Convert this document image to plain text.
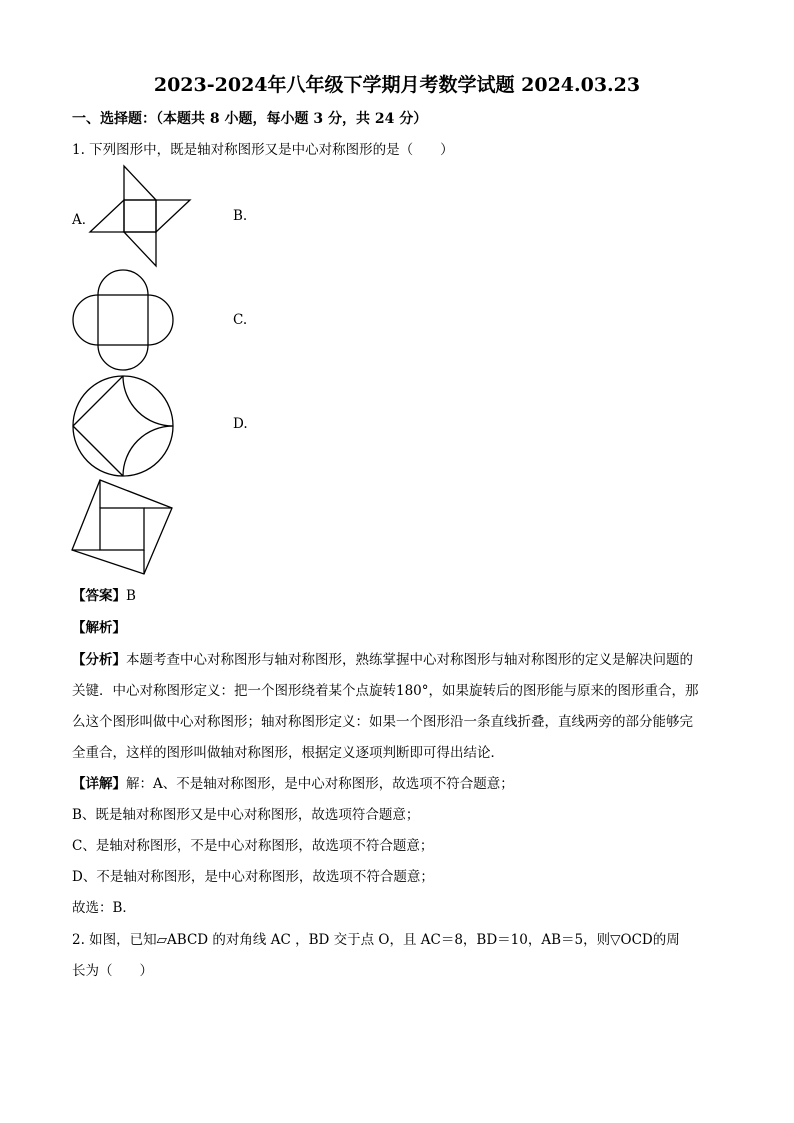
2023-2024年八年级下学期月考数学试题 2024.03.23
一、选择题：（本题共 8 小题，每小题 3 分，共 24 分）
1. 下列图形中，既是轴对称图形又是中心对称图形的是（　　）
A．	B.
C.
D.
【答案】B
【解析】
【分析】本题考查中心对称图形与轴对称图形，熟练掌握中心对称图形与轴对称图形的定义是解决问题的
关键．中心对称图形定义：把一个图形绕着某个点旋转180°，如果旋转后的图形能与原来的图形重合，那
么这个图形叫做中心对称图形；轴对称图形定义：如果一个图形沿一条直线折叠，直线两旁的部分能够完
全重合，这样的图形叫做轴对称图形，根据定义逐项判断即可得出结论．
【详解】解：A、不是轴对称图形，是中心对称图形，故选项不符合题意；
B、既是轴对称图形又是中心对称图形，故选项符合题意；
C、是轴对称图形，不是中心对称图形，故选项不符合题意；
D、不是轴对称图形，是中心对称图形，故选项不符合题意；
故选：B．
2. 如图，已知▱ABCD 的对角线 AC ，BD 交于点 O，且 AC＝8，BD＝10，AB＝5，则▽OCD的周
长为（　　）
